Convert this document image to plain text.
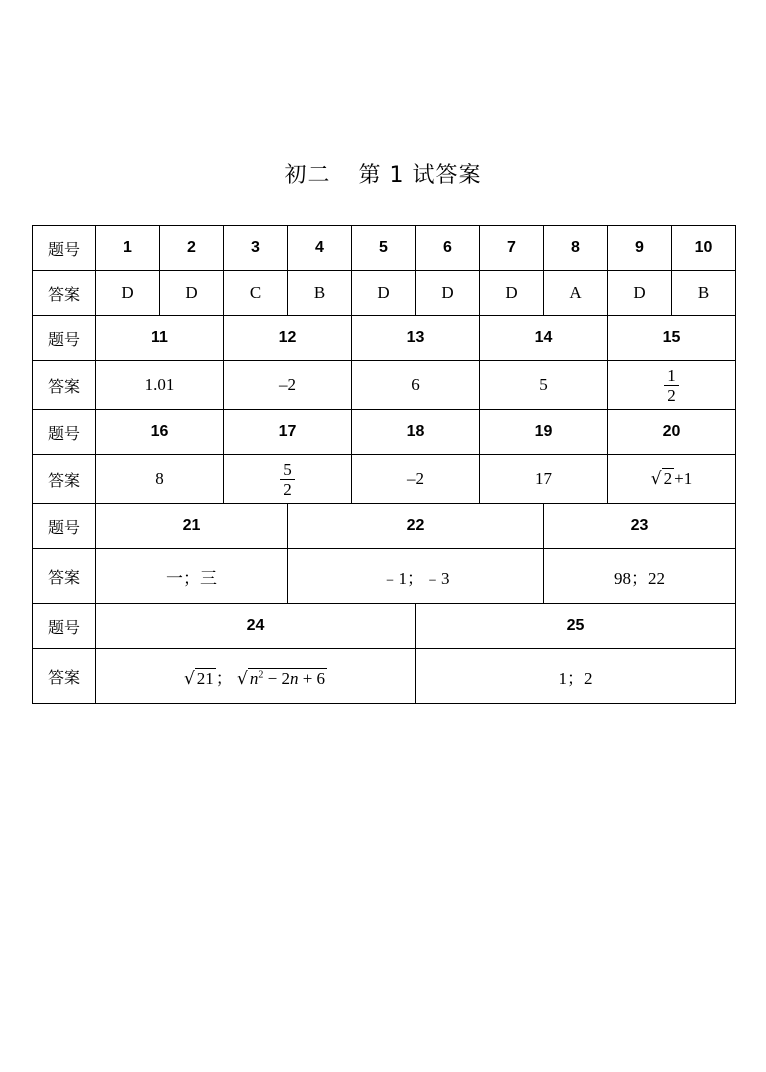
初二 第 1 试答案
题号	1	2	3	4	5	6	7	8	9	10
答案	D	D	C	B	D	D	D	A	D	B
题号	11		12		13		14		15	
答案	1.01		–2		6		5		$\frac{1}{2}$

题号	16		17		18		19		20	
答案	8		$\frac{5}{2}$		–2		17		√ 2 +1	
题号	21			22				23		
答案	一；三			﹣1；﹣3				98；22		
题号	24					25				
答案	√ 21 ； √ $n^2 - 2n + 6$					1；2				
